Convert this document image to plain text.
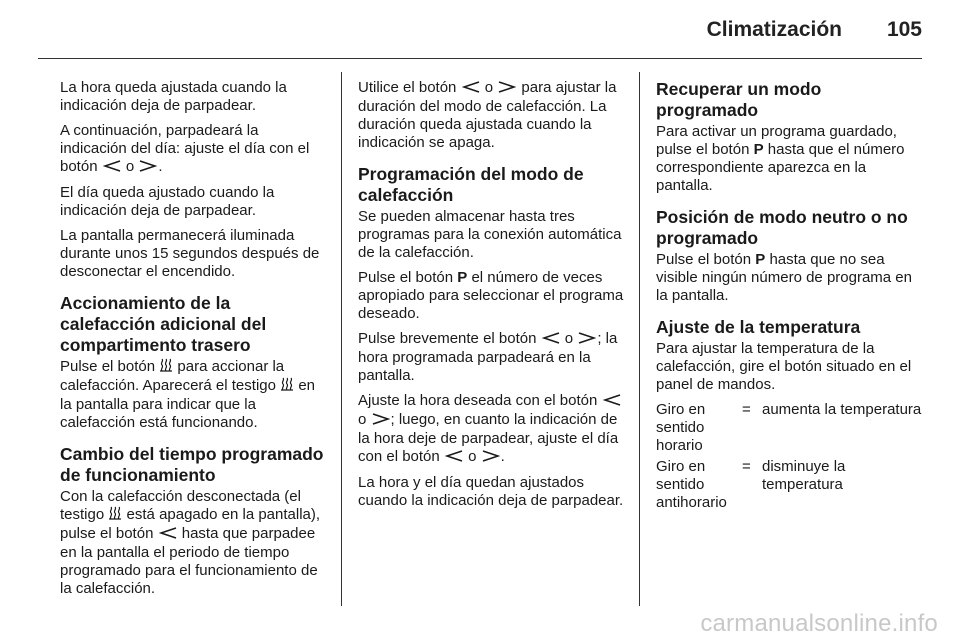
Climatización 105

La hora queda ajustada cuando la indicación deja de parpadear.

A continuación, parpadeará la indicación del día: ajuste el día con el botón o .

El día queda ajustado cuando la indicación deja de parpadear.

La pantalla permanecerá iluminada durante unos 15 segundos después de desconectar el encendido.

Accionamiento de la calefacción adicional del compartimento trasero

Pulse el botón para accionar la calefacción. Aparecerá el testigo en la pantalla para indicar que la calefacción está funcionando.

Cambio del tiempo programado de funcionamiento

Con la calefacción desconectada (el testigo está apagado en la pantalla), pulse el botón hasta que parpadee en la pantalla el periodo de tiempo programado para el funcionamiento de la calefacción.

Utilice el botón o para ajustar la duración del modo de calefacción. La duración queda ajustada cuando la indicación se apaga.

Programación del modo de calefacción

Se pueden almacenar hasta tres programas para la conexión automática de la calefacción.

Pulse el botón P el número de veces apropiado para seleccionar el programa deseado.

Pulse brevemente el botón o ; la hora programada parpadeará en la pantalla.

Ajuste la hora deseada con el botón  o ; luego, en cuanto la indicación de la hora deje de parpadear, ajuste el día con el botón o .

La hora y el día quedan ajustados cuando la indicación deja de parpadear.

Recuperar un modo programado

Para activar un programa guardado, pulse el botón P hasta que el número correspondiente aparezca en la pantalla.

Posición de modo neutro o no programado

Pulse el botón P hasta que no sea visible ningún número de programa en la pantalla.

Ajuste de la temperatura

Para ajustar la temperatura de la calefacción, gire el botón situado en el panel de mandos.

Giro en sentido horario	=	aumenta la temperatura
Giro en sentido antihorario	=	disminuye la temperatura
carmanualsonline.info
